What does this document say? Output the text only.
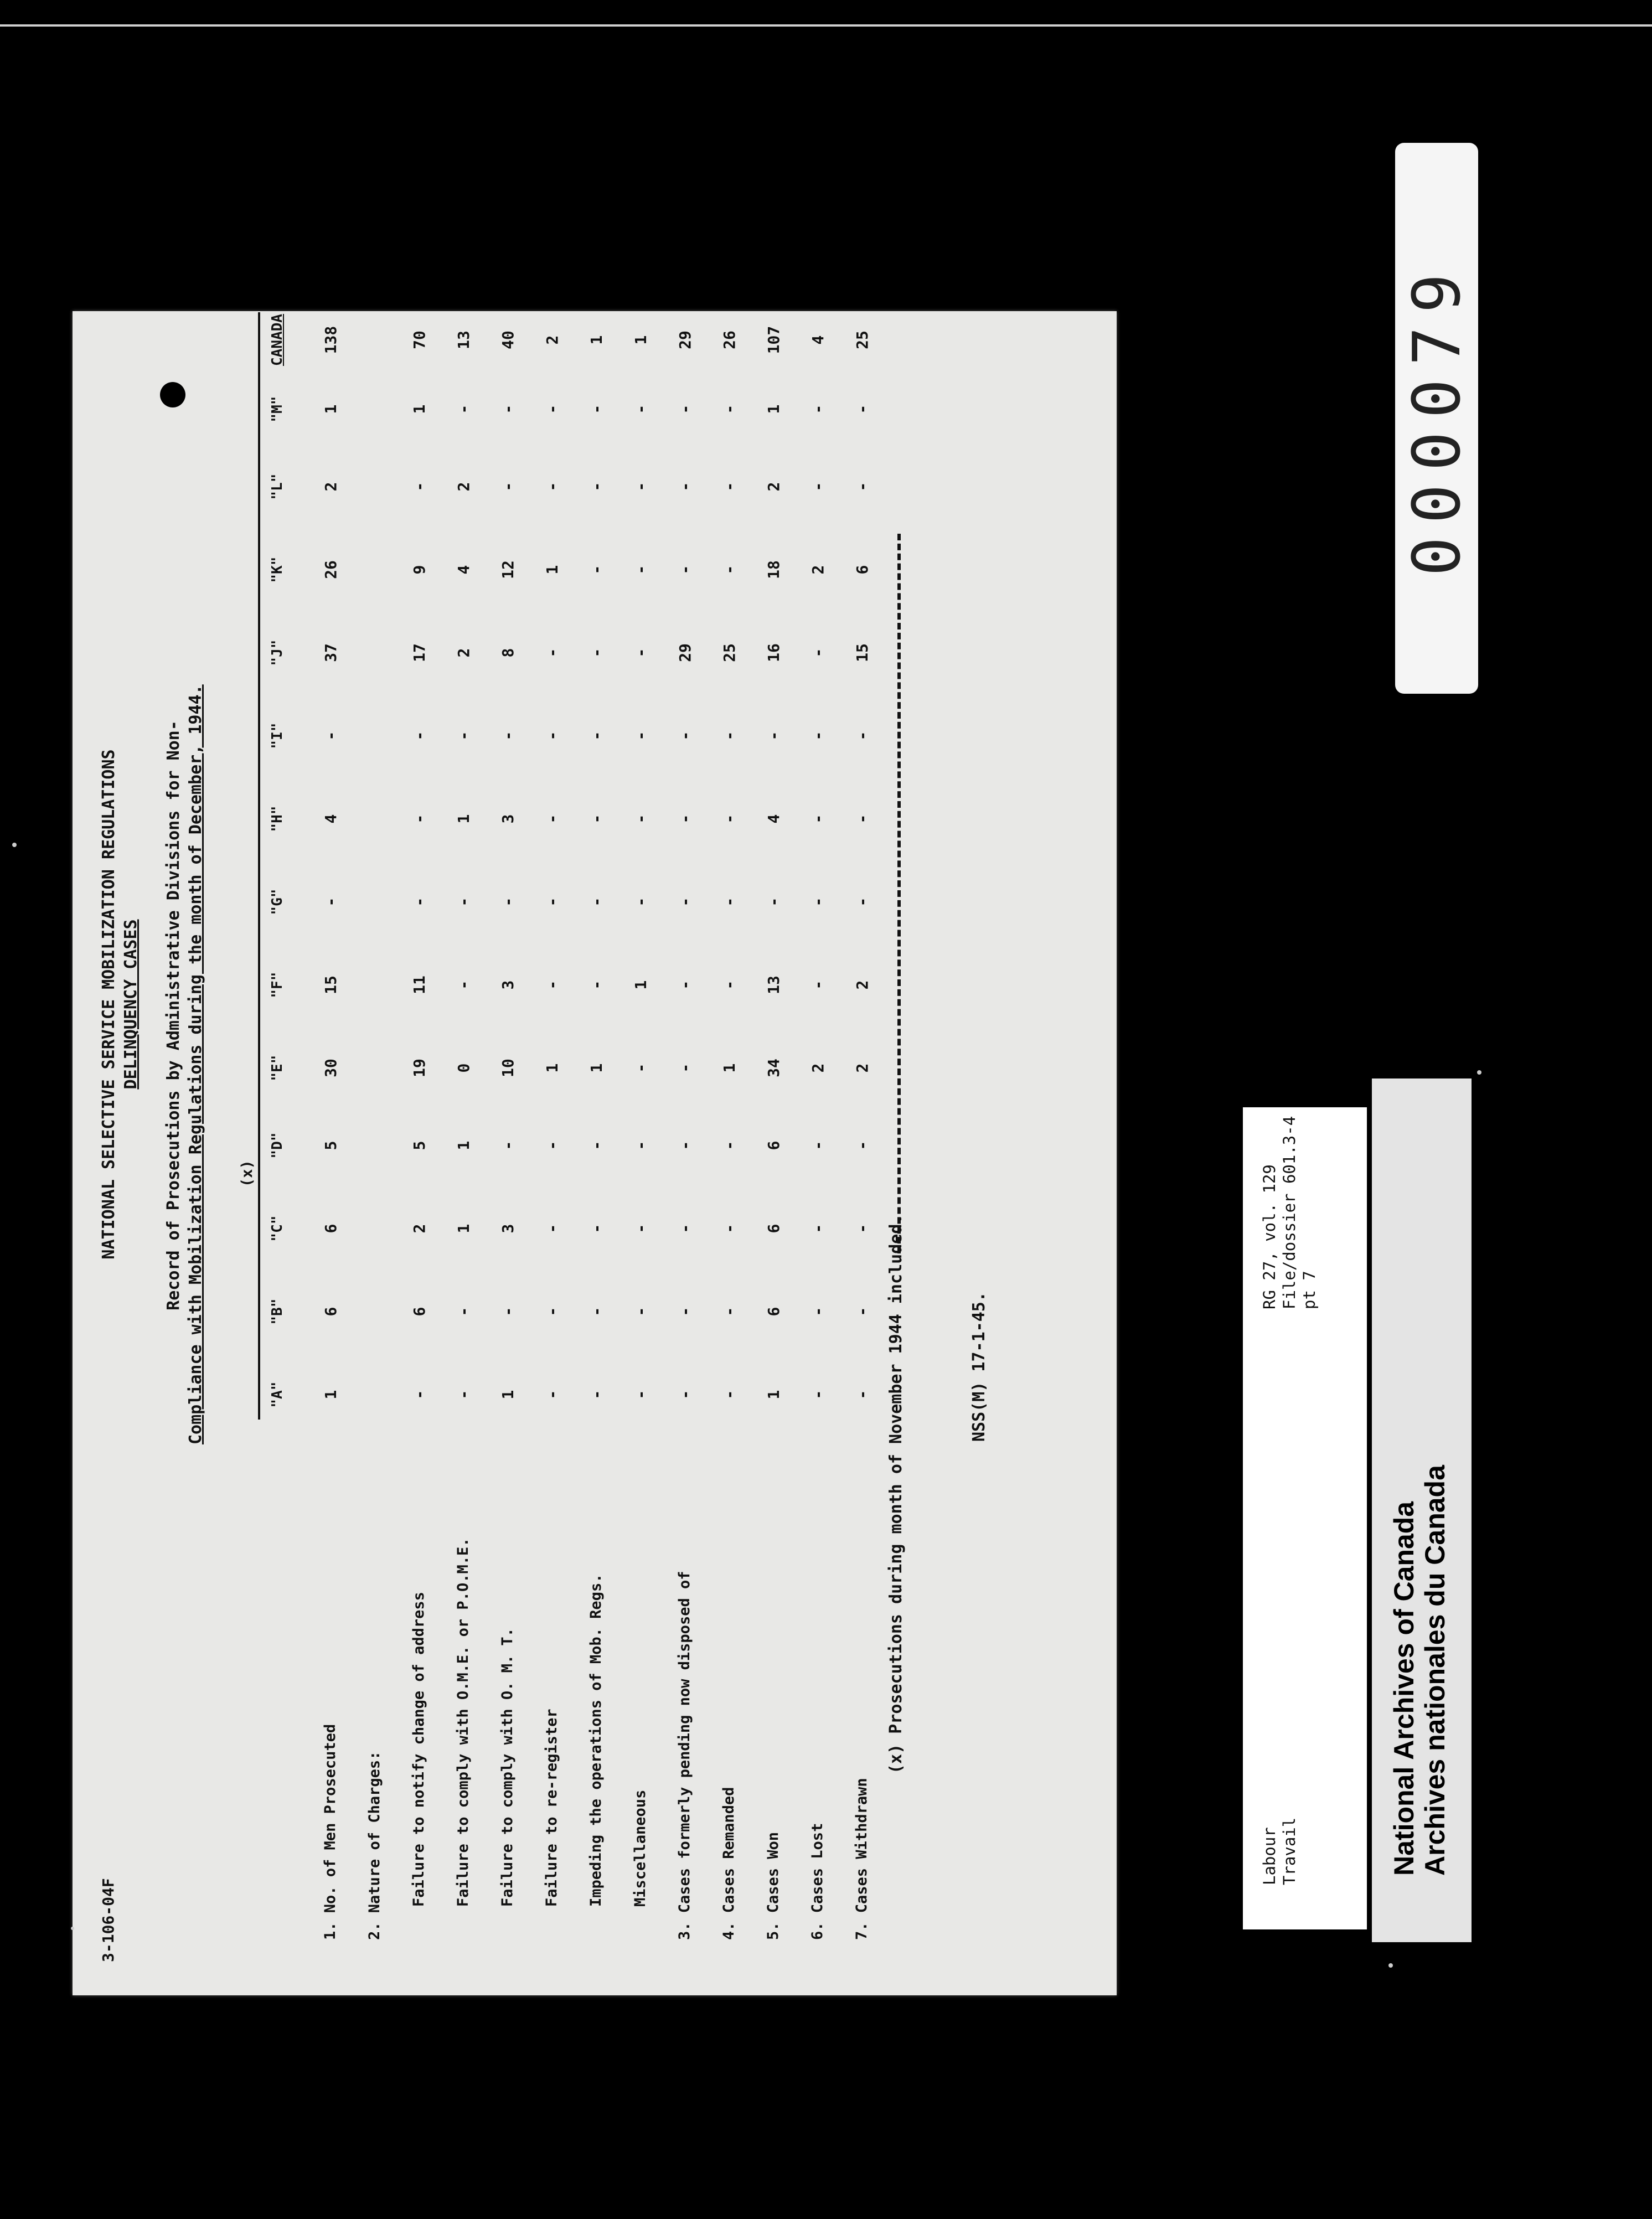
3-106-04F
NATIONAL SELECTIVE SERVICE MOBILIZATION REGULATIONS DELINQUENCY CASES Record of Prosecutions by Administrative Divisions for Non- Compliance with Mobilization Regulations during the month of December, 1944.	"A"
"B"
"C"
"D"
"E"
"F"
"G"
"H"
"I"
"J"
"K"
"L"
"M"
CANADA
(x)
1. No. of Men Prosecuted
1
6
6
5
30
15
-
4
-
37
26
2
1
138
2. Nature of Charges: Failure to notify change of address
-
6
2
5
19
11
-
-
-
17
9
-
1
70
Failure to comply with O.M.E. or P.O.M.E.
-
-
1
1
0
-
-
1
-
2
4
2
-
13
Failure to comply with O. M. T.
1
-
3
-
10
3
-
3
-
8
12
-
-
40
Failure to re-register
-
-
-
-
1
-
-
-
-
-
1
-
-
2
Impeding the operations of Mob. Regs.
-
-
-
-
1
-
-
-
-
-
-
-
-
1
Miscellaneous
-
-
-
-
-
1
-
-
-
-
-
-
-
1
3. Cases formerly pending now disposed of
-
-
-
-
-
-
-
-
-
29
-
-
-
29
4. Cases Remanded
-
-
-
-
1
-
-
-
-
25
-
-
-
26
5. Cases Won
1
6
6
6
34
13
-
4
-
16
18
2
1
107
6. Cases Lost
-
-
-
-
2
-
-
-
-
-
2
-
-
4
7. Cases Withdrawn
-
-
-
-
2
2
-
-
-
15
6
-
-
25
(x) Prosecutions during month of November 1944 included.	NSS(M) 17-1-45.
000079
Labour Travail
RG 27, vol. 129 File/dossier 601.3-4 pt 7
National Archives of Canada Archives nationales du Canada
